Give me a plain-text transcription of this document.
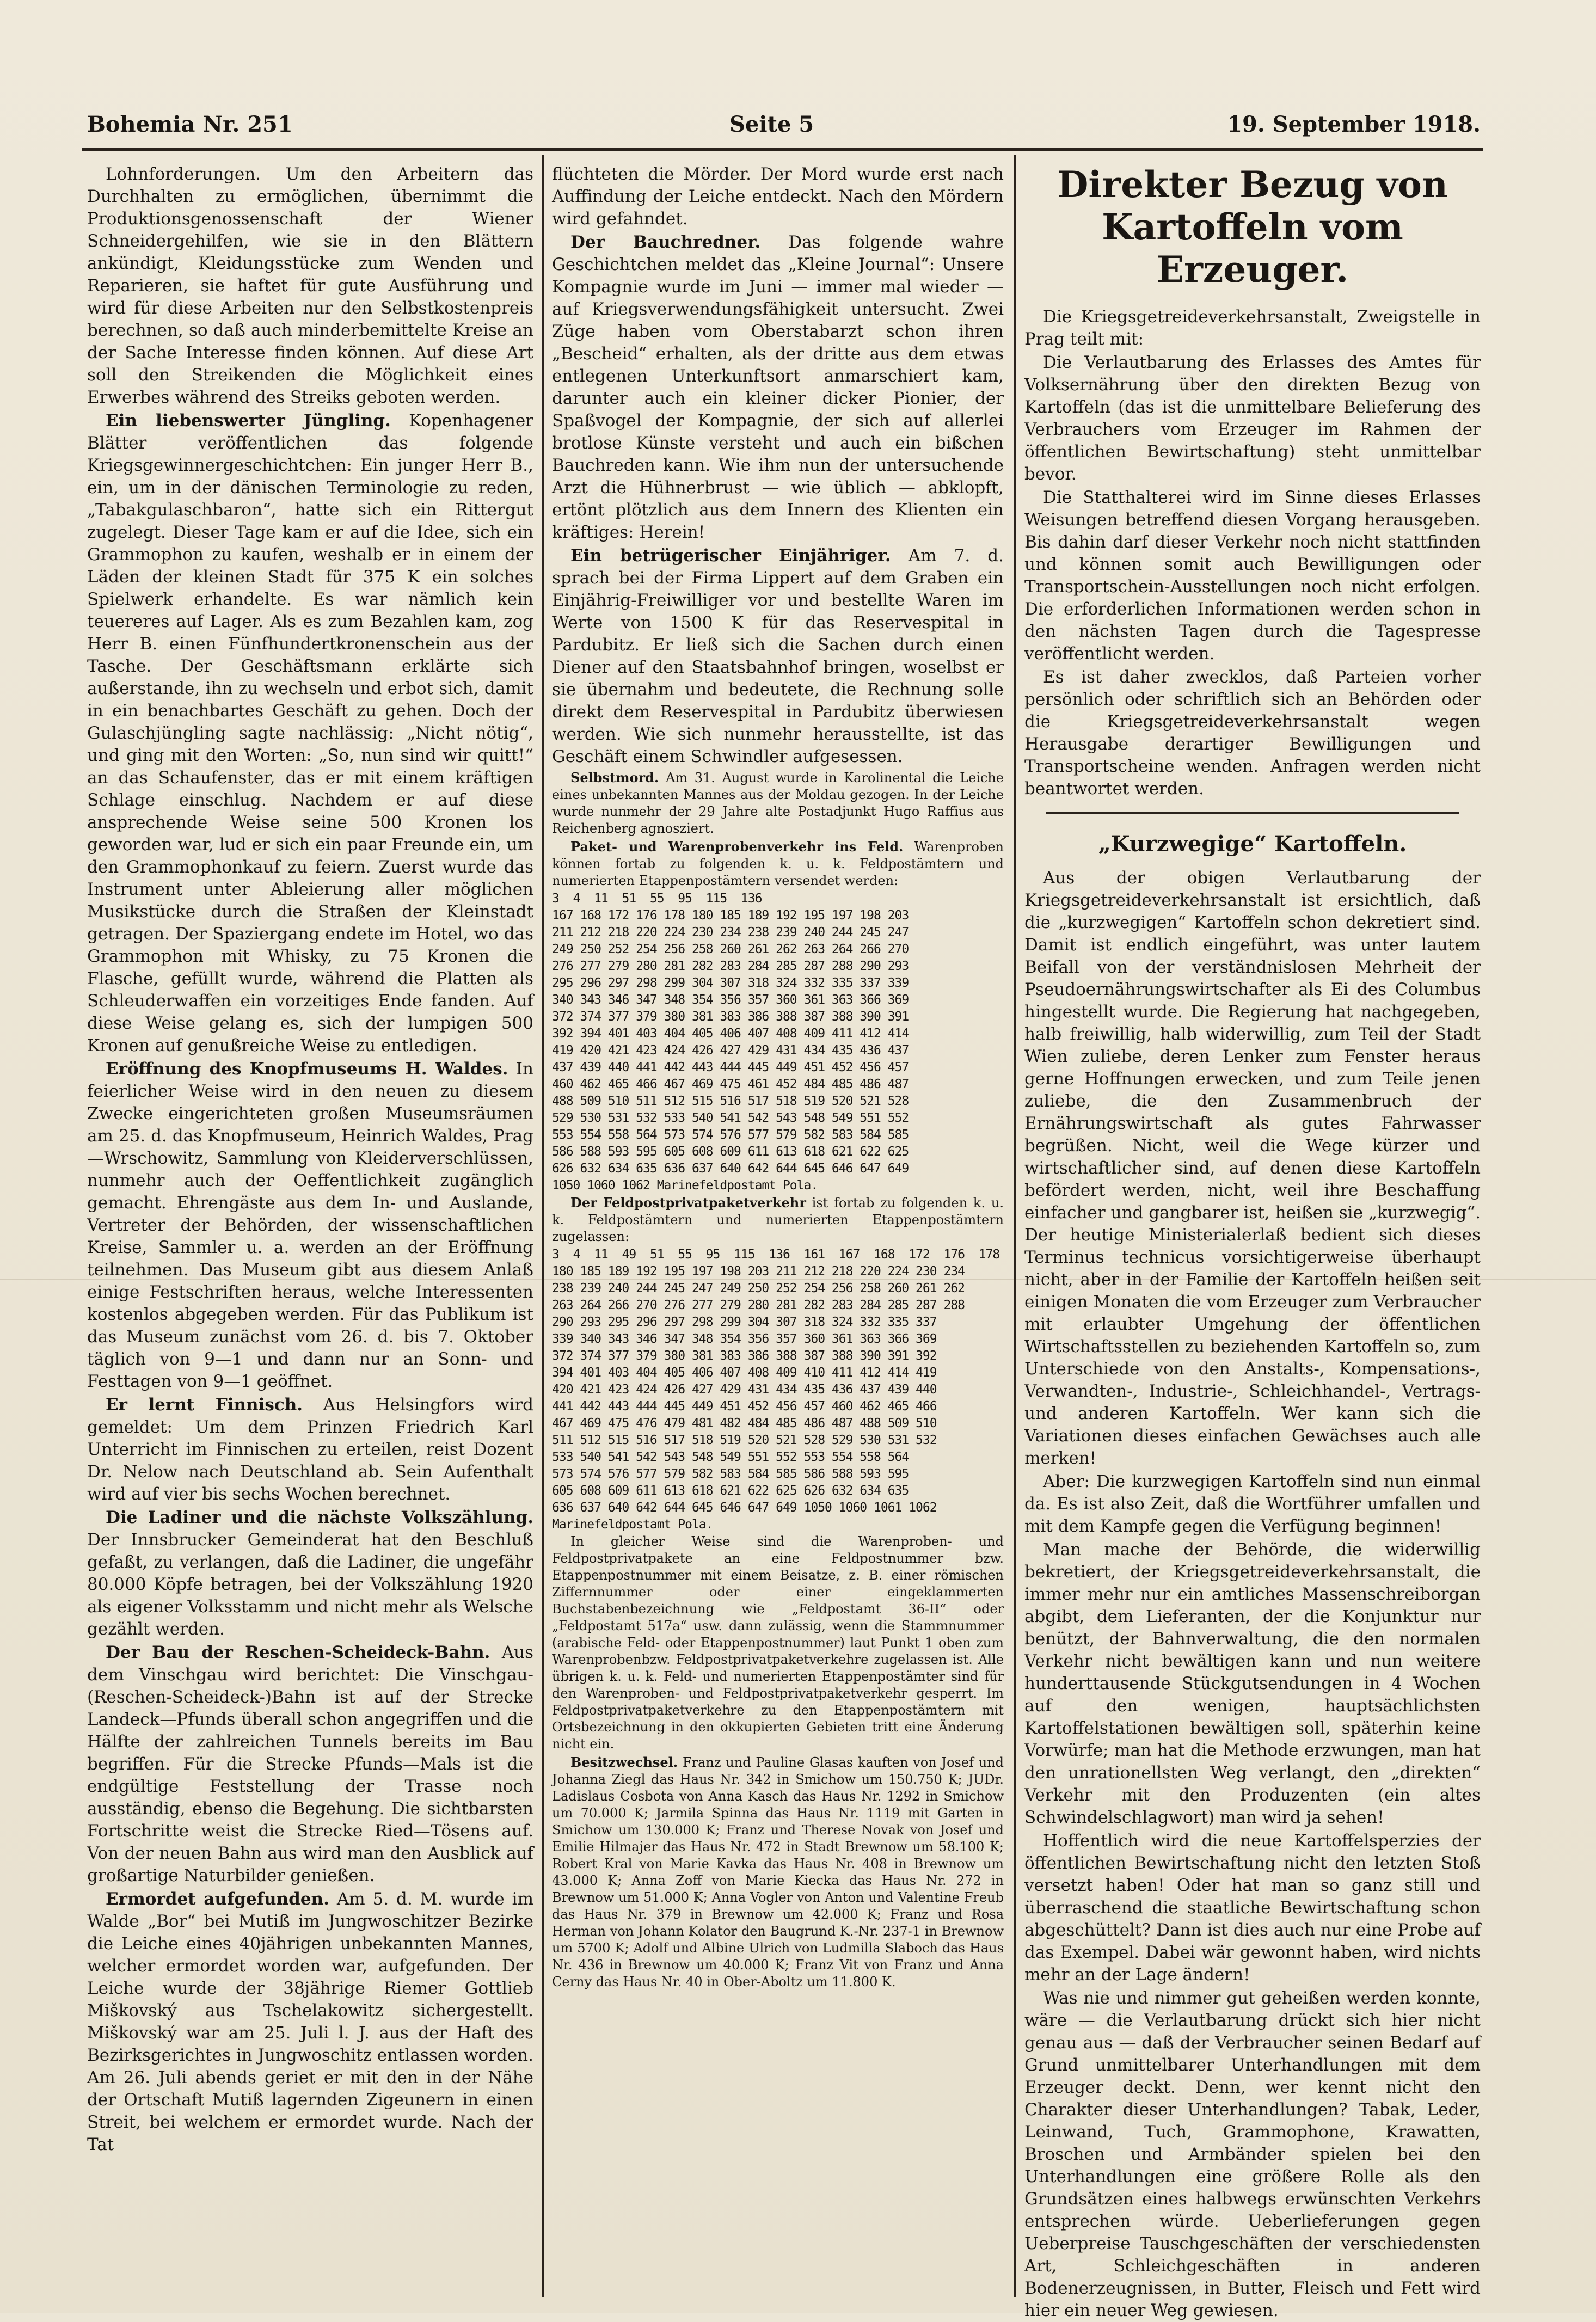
Bohemia Nr. 251	Seite 5	19. September 1918.

Lohnforderungen. Um den Arbeitern das Durchhalten zu ermöglichen, übernimmt die Produktionsgenossenschaft der Wiener Schneidergehilfen, wie sie in den Blättern ankündigt, Kleidungsstücke zum Wenden und Reparieren, sie haftet für gute Ausführung und wird für diese Arbeiten nur den Selbstkostenpreis berechnen, so daß auch minderbemittelte Kreise an der Sache Interesse finden können. Auf diese Art soll den Streikenden die Möglichkeit eines Erwerbes während des Streiks geboten werden.

Ein liebenswerter Jüngling. Kopenhagener Blätter veröffentlichen das folgende Kriegsgewinnergeschichtchen: Ein junger Herr B., ein, um in der dänischen Terminologie zu reden, „Tabakgulaschbaron“, hatte sich ein Rittergut zugelegt. Dieser Tage kam er auf die Idee, sich ein Grammophon zu kaufen, weshalb er in einem der Läden der kleinen Stadt für 375 K ein solches Spielwerk erhandelte. Es war nämlich kein teuereres auf Lager. Als es zum Bezahlen kam, zog Herr B. einen Fünfhundertkronenschein aus der Tasche. Der Geschäftsmann erklärte sich außerstande, ihn zu wechseln und erbot sich, damit in ein benachbartes Geschäft zu gehen. Doch der Gulaschjüngling sagte nachlässig: „Nicht nötig“, und ging mit den Worten: „So, nun sind wir quitt!“ an das Schaufenster, das er mit einem kräftigen Schlage einschlug. Nachdem er auf diese ansprechende Weise seine 500 Kronen los geworden war, lud er sich ein paar Freunde ein, um den Grammophonkauf zu feiern. Zuerst wurde das Instrument unter Ableierung aller möglichen Musikstücke durch die Straßen der Kleinstadt getragen. Der Spaziergang endete im Hotel, wo das Grammophon mit Whisky, zu 75 Kronen die Flasche, gefüllt wurde, während die Platten als Schleuderwaffen ein vorzeitiges Ende fanden. Auf diese Weise gelang es, sich der lumpigen 500 Kronen auf genußreiche Weise zu entledigen.

Eröffnung des Knopfmuseums H. Waldes. In feierlicher Weise wird in den neuen zu diesem Zwecke eingerichteten großen Museumsräumen am 25. d. das Knopfmuseum, Heinrich Waldes, Prag—Wrschowitz, Sammlung von Kleiderverschlüssen, nunmehr auch der Oeffentlichkeit zugänglich gemacht. Ehrengäste aus dem In- und Auslande, Vertreter der Behörden, der wissenschaftlichen Kreise, Sammler u. a. werden an der Eröffnung teilnehmen. Das Museum gibt aus diesem Anlaß einige Festschriften heraus, welche Interessenten kostenlos abgegeben werden. Für das Publikum ist das Museum zunächst vom 26. d. bis 7. Oktober täglich von 9—1 und dann nur an Sonn- und Festtagen von 9—1 geöffnet.

Er lernt Finnisch. Aus Helsingfors wird gemeldet: Um dem Prinzen Friedrich Karl Unterricht im Finnischen zu erteilen, reist Dozent Dr. Nelow nach Deutschland ab. Sein Aufenthalt wird auf vier bis sechs Wochen berechnet.

Die Ladiner und die nächste Volkszählung. Der Innsbrucker Gemeinderat hat den Beschluß gefaßt, zu verlangen, daß die Ladiner, die ungefähr 80.000 Köpfe betragen, bei der Volkszählung 1920 als eigener Volksstamm und nicht mehr als Welsche gezählt werden.

Der Bau der Reschen-Scheideck-Bahn. Aus dem Vinschgau wird berichtet: Die Vinschgau-(Reschen-Scheideck-)Bahn ist auf der Strecke Landeck—Pfunds überall schon angegriffen und die Hälfte der zahlreichen Tunnels bereits im Bau begriffen. Für die Strecke Pfunds—Mals ist die endgültige Feststellung der Trasse noch ausständig, ebenso die Begehung. Die sichtbarsten Fortschritte weist die Strecke Ried—Tösens auf. Von der neuen Bahn aus wird man den Ausblick auf großartige Naturbilder genießen.

Ermordet aufgefunden. Am 5. d. M. wurde im Walde „Bor“ bei Mutiß im Jungwoschitzer Bezirke die Leiche eines 40jährigen unbekannten Mannes, welcher ermordet worden war, aufgefunden. Der Leiche wurde der 38jährige Riemer Gottlieb Miškovský aus Tschelakowitz sichergestellt. Miškovský war am 25. Juli l. J. aus der Haft des Bezirksgerichtes in Jungwoschitz entlassen worden. Am 26. Juli abends geriet er mit den in der Nähe der Ortschaft Mutiß lagernden Zigeunern in einen Streit, bei welchem er ermordet wurde. Nach der Tat

flüchteten die Mörder. Der Mord wurde erst nach Auffindung der Leiche entdeckt. Nach den Mördern wird gefahndet.

Der Bauchredner. Das folgende wahre Geschichtchen meldet das „Kleine Journal“: Unsere Kompagnie wurde im Juni — immer mal wieder — auf Kriegsverwendungsfähigkeit untersucht. Zwei Züge haben vom Oberstabarzt schon ihren „Bescheid“ erhalten, als der dritte aus dem etwas entlegenen Unterkunftsort anmarschiert kam, darunter auch ein kleiner dicker Pionier, der Spaßvogel der Kompagnie, der sich auf allerlei brotlose Künste versteht und auch ein bißchen Bauchreden kann. Wie ihm nun der untersuchende Arzt die Hühnerbrust — wie üblich — abklopft, ertönt plötzlich aus dem Innern des Klienten ein kräftiges: Herein!

Ein betrügerischer Einjähriger. Am 7. d. sprach bei der Firma Lippert auf dem Graben ein Einjährig-Freiwilliger vor und bestellte Waren im Werte von 1500 K für das Reservespital in Pardubitz. Er ließ sich die Sachen durch einen Diener auf den Staatsbahnhof bringen, woselbst er sie übernahm und bedeutete, die Rechnung solle direkt dem Reservespital in Pardubitz überwiesen werden. Wie sich nunmehr herausstellte, ist das Geschäft einem Schwindler aufgesessen.

Selbstmord. Am 31. August wurde in Karolinental die Leiche eines unbekannten Mannes aus der Moldau gezogen. In der Leiche wurde nunmehr der 29 Jahre alte Postadjunkt Hugo Raffius aus Reichenberg agnosziert.

Paket- und Warenprobenverkehr ins Feld. Warenproben können fortab zu folgenden k. u. k. Feldpostämtern und numerierten Etappenpostämtern versendet werden:

3  4  11  51  55  95  115  136
167 168 172 176 178 180 185 189 192 195 197 198 203
211 212 218 220 224 230 234 238 239 240 244 245 247
249 250 252 254 256 258 260 261 262 263 264 266 270
276 277 279 280 281 282 283 284 285 287 288 290 293
295 296 297 298 299 304 307 318 324 332 335 337 339
340 343 346 347 348 354 356 357 360 361 363 366 369
372 374 377 379 380 381 383 386 388 387 388 390 391
392 394 401 403 404 405 406 407 408 409 411 412 414
419 420 421 423 424 426 427 429 431 434 435 436 437
437 439 440 441 442 443 444 445 449 451 452 456 457
460 462 465 466 467 469 475 461 452 484 485 486 487
488 509 510 511 512 515 516 517 518 519 520 521 528
529 530 531 532 533 540 541 542 543 548 549 551 552
553 554 558 564 573 574 576 577 579 582 583 584 585
586 588 593 595 605 608 609 611 613 618 621 622 625
626 632 634 635 636 637 640 642 644 645 646 647 649
1050 1060 1062 Marinefeldpostamt Pola.

Der Feldpostprivatpaketverkehr ist fortab zu folgenden k. u. k. Feldpostämtern und numerierten Etappenpostämtern zugelassen:

3  4  11  49  51  55  95  115  136  161  167  168  172  176  178
180 185 189 192 195 197 198 203 211 212 218 220 224 230 234
238 239 240 244 245 247 249 250 252 254 256 258 260 261 262
263 264 266 270 276 277 279 280 281 282 283 284 285 287 288
290 293 295 296 297 298 299 304 307 318 324 332 335 337
339 340 343 346 347 348 354 356 357 360 361 363 366 369
372 374 377 379 380 381 383 386 388 387 388 390 391 392
394 401 403 404 405 406 407 408 409 410 411 412 414 419
420 421 423 424 426 427 429 431 434 435 436 437 439 440
441 442 443 444 445 449 451 452 456 457 460 462 465 466
467 469 475 476 479 481 482 484 485 486 487 488 509 510
511 512 515 516 517 518 519 520 521 528 529 530 531 532
533 540 541 542 543 548 549 551 552 553 554 558 564
573 574 576 577 579 582 583 584 585 586 588 593 595
605 608 609 611 613 618 621 622 625 626 632 634 635
636 637 640 642 644 645 646 647 649 1050 1060 1061 1062
Marinefeldpostamt Pola.

In gleicher Weise sind die Warenproben- und Feldpostprivatpakete an eine Feldpostnummer bzw. Etappenpostnummer mit einem Beisatze, z. B. einer römischen Ziffernnummer oder einer eingeklammerten Buchstabenbezeichnung wie „Feldpostamt 36-II“ oder „Feldpostamt 517a“ usw. dann zulässig, wenn die Stammnummer (arabische Feld- oder Etappenpostnummer) laut Punkt 1 oben zum Warenprobenbzw. Feldpostprivatpaketverkehre zugelassen ist. Alle übrigen k. u. k. Feld- und numerierten Etappenpostämter sind für den Warenproben- und Feldpostprivatpaketverkehr gesperrt. Im Feldpostprivatpaketverkehre zu den Etappenpostämtern mit Ortsbezeichnung in den okkupierten Gebieten tritt eine Änderung nicht ein.

Besitzwechsel. Franz und Pauline Glasas kauften von Josef und Johanna Ziegl das Haus Nr. 342 in Smichow um 150.750 K; JUDr. Ladislaus Cosbota von Anna Kasch das Haus Nr. 1292 in Smichow um 70.000 K; Jarmila Spinna das Haus Nr. 1119 mit Garten in Smichow um 130.000 K; Franz und Therese Novak von Josef und Emilie Hilmajer das Haus Nr. 472 in Stadt Brewnow um 58.100 K; Robert Kral von Marie Kavka das Haus Nr. 408 in Brewnow um 43.000 K; Anna Zoff von Marie Kiecka das Haus Nr. 272 in Brewnow um 51.000 K; Anna Vogler von Anton und Valentine Freub das Haus Nr. 379 in Brewnow um 42.000 K; Franz und Rosa Herman von Johann Kolator den Baugrund K.-Nr. 237-1 in Brewnow um 5700 K; Adolf und Albine Ulrich von Ludmilla Slaboch das Haus Nr. 436 in Brewnow um 40.000 K; Franz Vit von Franz und Anna Cerny das Haus Nr. 40 in Ober-Aboltz um 11.800 K.

Direkter Bezug von Kartoffeln vom Erzeuger.

Die Kriegsgetreideverkehrsanstalt, Zweigstelle in Prag teilt mit:

Die Verlautbarung des Erlasses des Amtes für Volksernährung über den direkten Bezug von Kartoffeln (das ist die unmittelbare Belieferung des Verbrauchers vom Erzeuger im Rahmen der öffentlichen Bewirtschaftung) steht unmittelbar bevor.

Die Statthalterei wird im Sinne dieses Erlasses Weisungen betreffend diesen Vorgang herausgeben. Bis dahin darf dieser Verkehr noch nicht stattfinden und können somit auch Bewilligungen oder Transportschein-Ausstellungen noch nicht erfolgen. Die erforderlichen Informationen werden schon in den nächsten Tagen durch die Tagespresse veröffentlicht werden.

Es ist daher zwecklos, daß Parteien vorher persönlich oder schriftlich sich an Behörden oder die Kriegsgetreideverkehrsanstalt wegen Herausgabe derartiger Bewilligungen und Transportscheine wenden. Anfragen werden nicht beantwortet werden.

„Kurzwegige“ Kartoffeln.

Aus der obigen Verlautbarung der Kriegsgetreideverkehrsanstalt ist ersichtlich, daß die „kurzwegigen“ Kartoffeln schon dekretiert sind. Damit ist endlich eingeführt, was unter lautem Beifall von der verständnislosen Mehrheit der Pseudoernährungswirtschafter als Ei des Columbus hingestellt wurde. Die Regierung hat nachgegeben, halb freiwillig, halb widerwillig, zum Teil der Stadt Wien zuliebe, deren Lenker zum Fenster heraus gerne Hoffnungen erwecken, und zum Teile jenen zuliebe, die den Zusammenbruch der Ernährungswirtschaft als gutes Fahrwasser begrüßen. Nicht, weil die Wege kürzer und wirtschaftlicher sind, auf denen diese Kartoffeln befördert werden, nicht, weil ihre Beschaffung einfacher und gangbarer ist, heißen sie „kurzwegig“. Der heutige Ministerialerlaß bedient sich dieses Terminus technicus vorsichtigerweise überhaupt nicht, aber in der Familie der Kartoffeln heißen seit einigen Monaten die vom Erzeuger zum Verbraucher mit erlaubter Umgehung der öffentlichen Wirtschaftsstellen zu beziehenden Kartoffeln so, zum Unterschiede von den Anstalts-, Kompensations-, Verwandten-, Industrie-, Schleichhandel-, Vertrags- und anderen Kartoffeln. Wer kann sich die Variationen dieses einfachen Gewächses auch alle merken!

Aber: Die kurzwegigen Kartoffeln sind nun einmal da. Es ist also Zeit, daß die Wortführer umfallen und mit dem Kampfe gegen die Verfügung beginnen!

Man mache der Behörde, die widerwillig bekretiert, der Kriegsgetreideverkehrsanstalt, die immer mehr nur ein amtliches Massenschreiborgan abgibt, dem Lieferanten, der die Konjunktur nur benützt, der Bahnverwaltung, die den normalen Verkehr nicht bewältigen kann und nun weitere hunderttausende Stückgutsendungen in 4 Wochen auf den wenigen, hauptsächlichsten Kartoffelstationen bewältigen soll, späterhin keine Vorwürfe; man hat die Methode erzwungen, man hat den unrationellsten Weg verlangt, den „direkten“ Verkehr mit den Produzenten (ein altes Schwindelschlagwort) man wird ja sehen!

Hoffentlich wird die neue Kartoffelsperzies der öffentlichen Bewirtschaftung nicht den letzten Stoß versetzt haben! Oder hat man so ganz still und überraschend die staatliche Bewirtschaftung schon abgeschüttelt? Dann ist dies auch nur eine Probe auf das Exempel. Dabei wär gewonnt haben, wird nichts mehr an der Lage ändern!

Was nie und nimmer gut geheißen werden konnte, wäre — die Verlautbarung drückt sich hier nicht genau aus — daß der Verbraucher seinen Bedarf auf Grund unmittelbarer Unterhandlungen mit dem Erzeuger deckt. Denn, wer kennt nicht den Charakter dieser Unterhandlungen? Tabak, Leder, Leinwand, Tuch, Grammophone, Krawatten, Broschen und Armbänder spielen bei den Unterhandlungen eine größere Rolle als den Grundsätzen eines halbwegs erwünschten Verkehrs entsprechen würde. Ueberlieferungen gegen Ueberpreise Tauschgeschäften der verschiedensten Art, Schleichgeschäften in anderen Bodenerzeugnissen, in Butter, Fleisch und Fett wird hier ein neuer Weg gewiesen.
